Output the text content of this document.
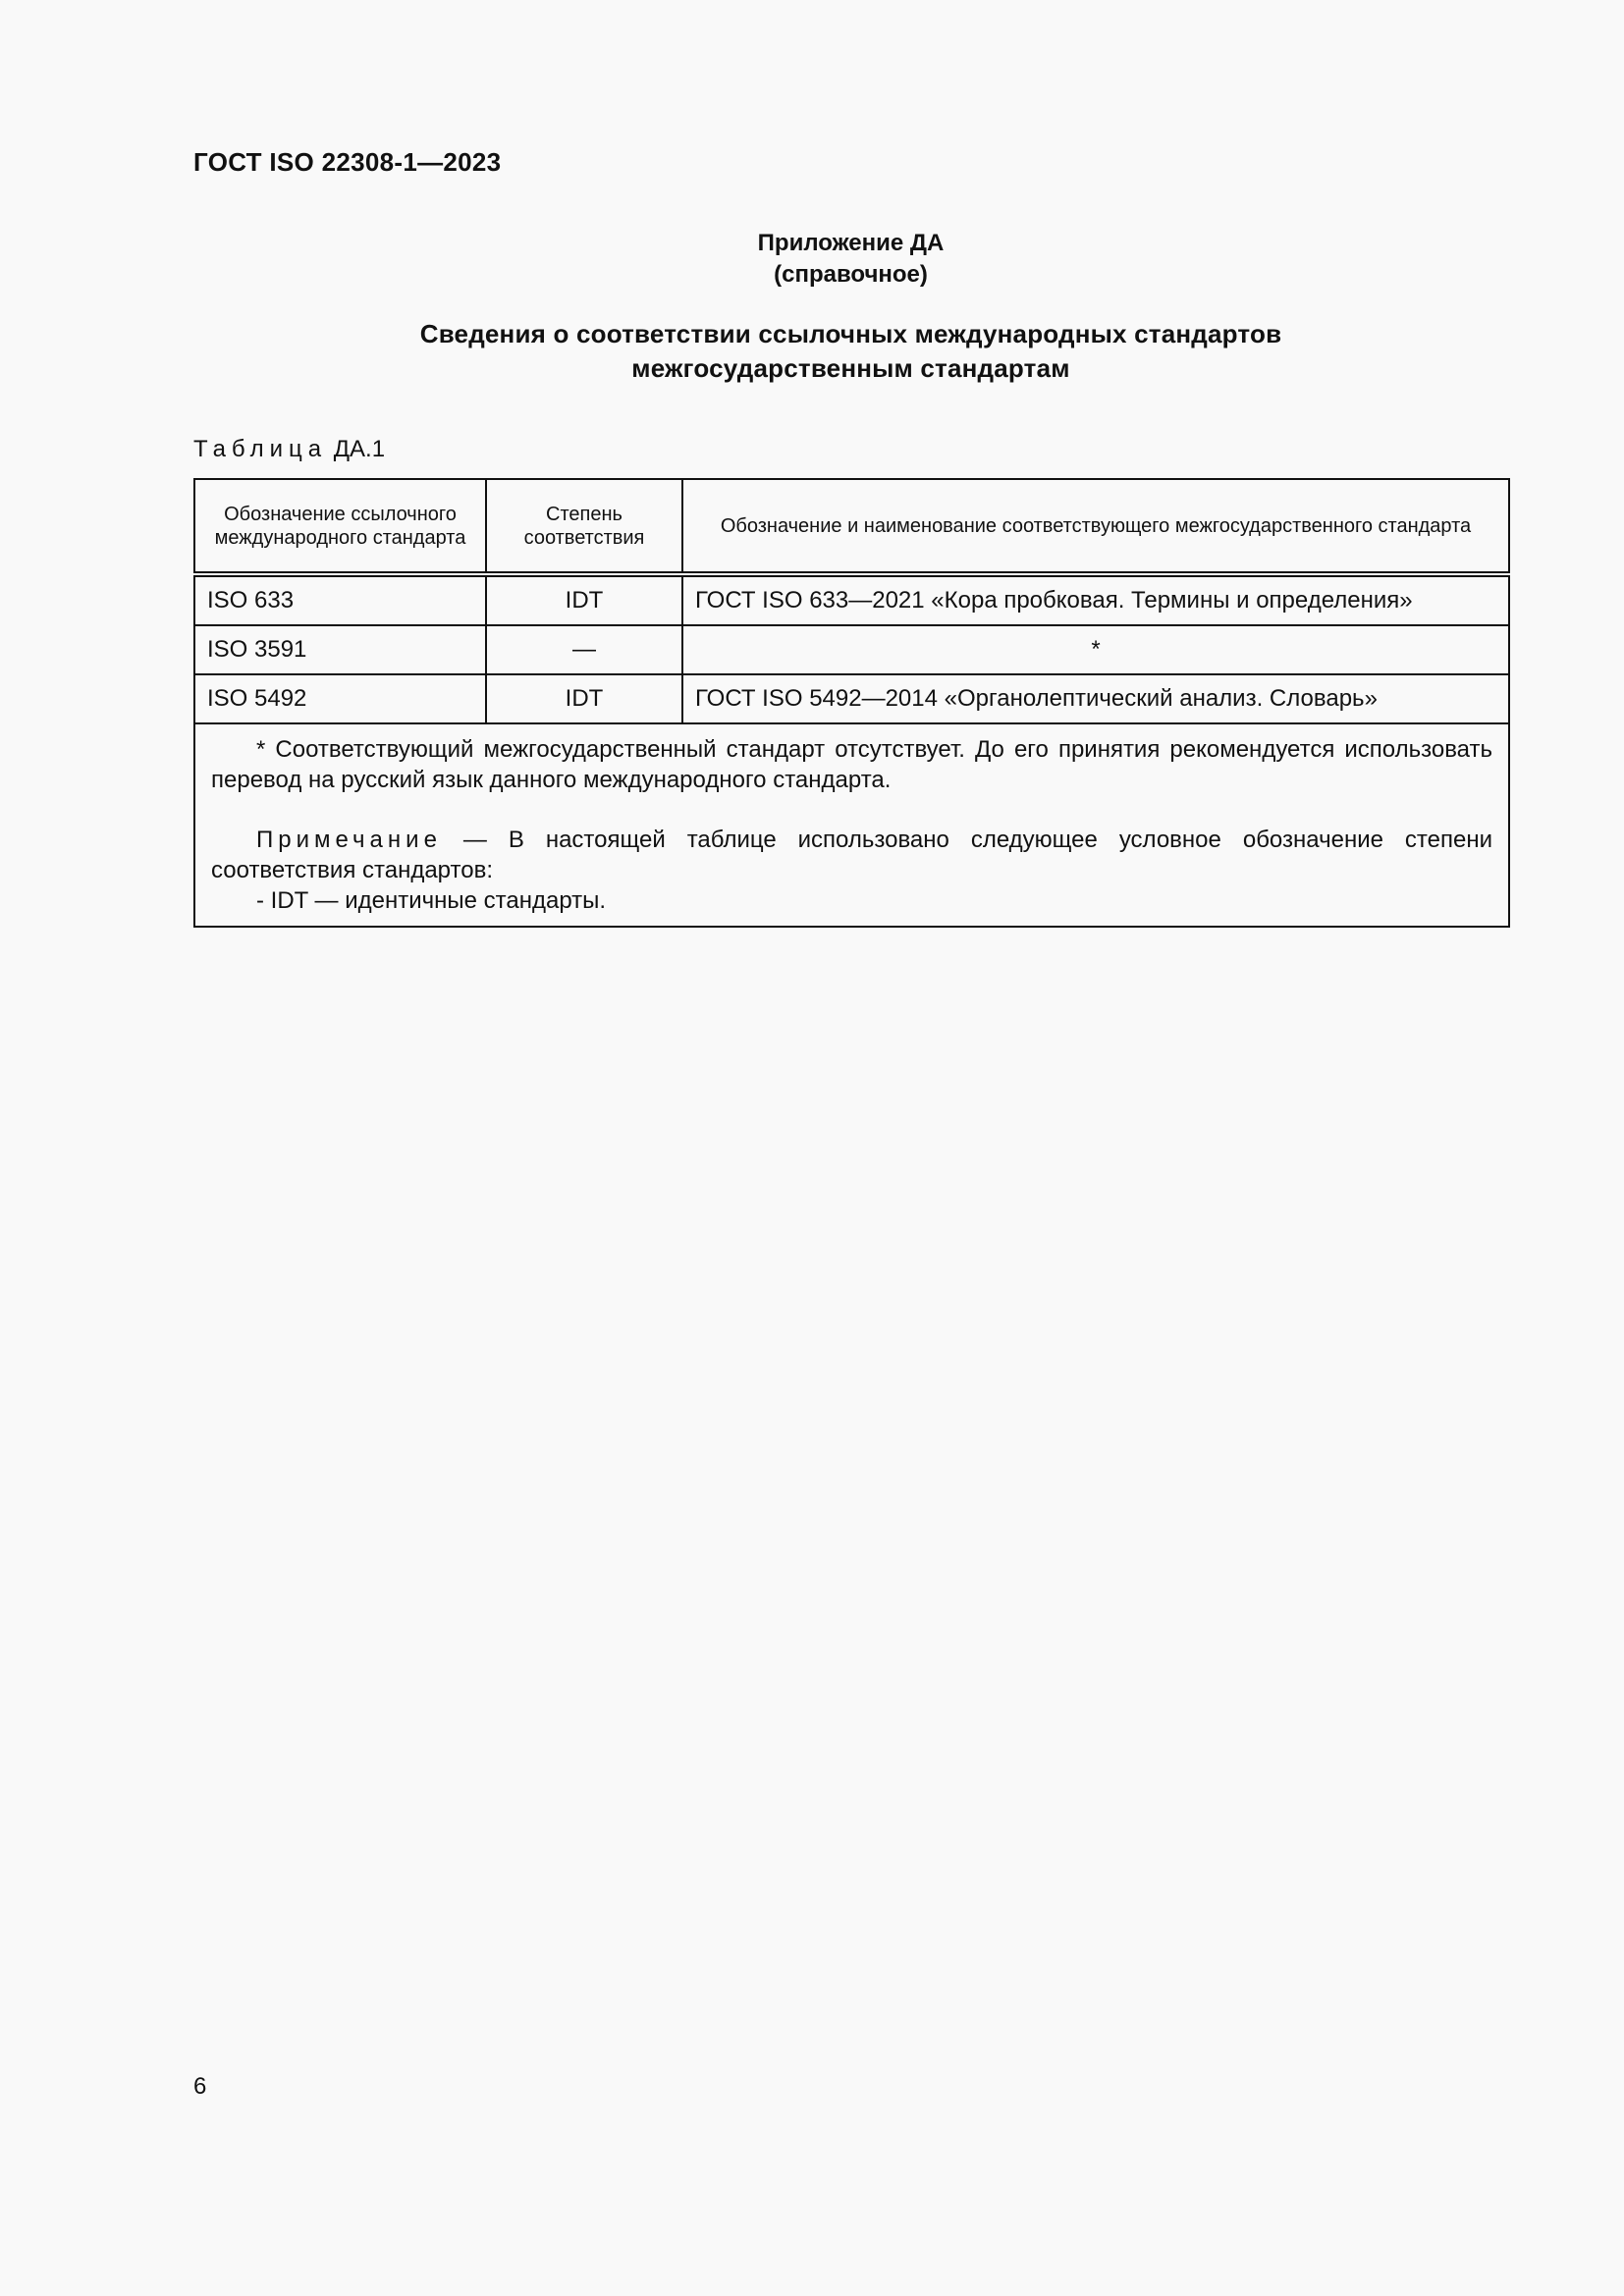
ГОСТ ISO 22308-1—2023
Приложение ДА
(справочное)
Сведения о соответствии ссылочных международных стандартов
межгосударственным стандартам
Таблица ДА.1
Обозначение ссылочного международного стандарта	Степень соответствия	Обозначение и наименование соответствующего межгосударственного стандарта
ISO 633	IDT	ГОСТ ISO 633—2021 «Кора пробковая. Термины и определения»
ISO 3591	—	*
ISO 5492	IDT	ГОСТ ISO 5492—2014 «Органолептический анализ. Словарь»

* Соответствующий межгосударственный стандарт отсутствует. До его принятия рекомендуется использовать перевод на русский язык данного международного стандарта.
Примечание — В настоящей таблице использовано следующее условное обозначение степени соответствия стандартов:
- IDT — идентичные стандарты.		
6
